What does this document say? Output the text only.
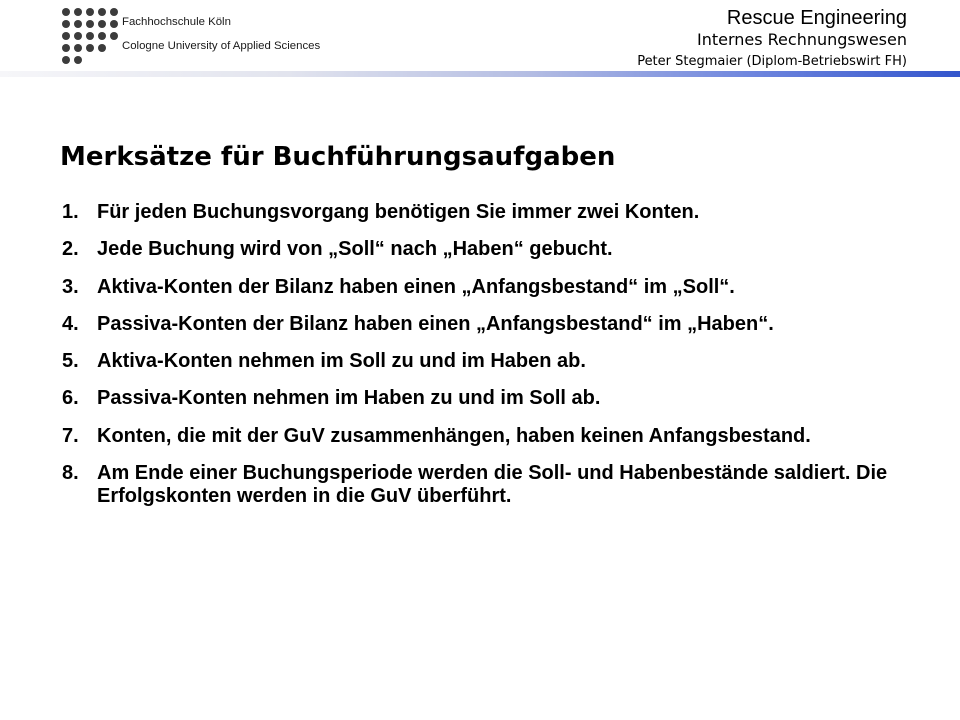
Fachhochschule Köln
Cologne University of Applied Sciences
Rescue Engineering
Internes Rechnungswesen
Peter Stegmaier (Diplom-Betriebswirt FH)
Merksätze für Buchführungsaufgaben
1. Für jeden Buchungsvorgang benötigen Sie immer zwei Konten.
2. Jede Buchung wird von „Soll“ nach „Haben“ gebucht.
3. Aktiva-Konten der Bilanz haben einen „Anfangsbestand“ im „Soll“.
4. Passiva-Konten der Bilanz haben einen „Anfangsbestand“ im „Haben“.
5. Aktiva-Konten nehmen im Soll zu und im Haben ab.
6. Passiva-Konten nehmen im Haben zu und im Soll ab.
7. Konten, die mit der GuV zusammenhängen, haben keinen Anfangsbestand.
8. Am Ende einer Buchungsperiode werden die Soll- und Habenbestände saldiert. Die Erfolgskonten werden in die GuV überführt.
